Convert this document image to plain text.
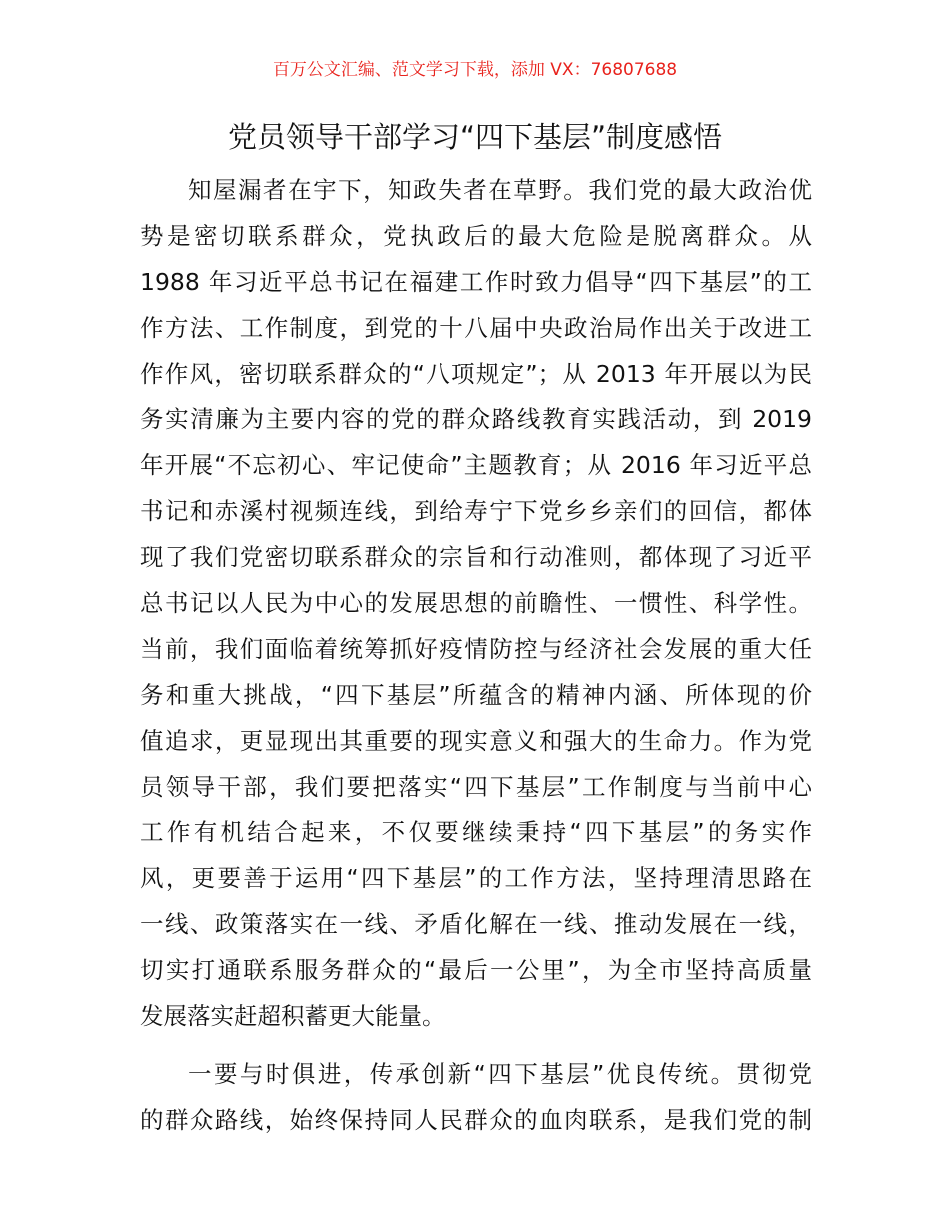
百万公文汇编、范文学习下载，添加 VX：76807688
党员领导干部学习“四下基层”制度感悟
知屋漏者在宇下，知政失者在草野。我们党的最大政治优
势是密切联系群众，党执政后的最大危险是脱离群众。从
1988 年习近平总书记在福建工作时致力倡导“四下基层”的工
作方法、工作制度，到党的十八届中央政治局作出关于改进工
作作风，密切联系群众的“八项规定”；从 2013 年开展以为民
务实清廉为主要内容的党的群众路线教育实践活动，到 2019
年开展“不忘初心、牢记使命”主题教育；从 2016 年习近平总
书记和赤溪村视频连线，到给寿宁下党乡乡亲们的回信，都体
现了我们党密切联系群众的宗旨和行动准则，都体现了习近平
总书记以人民为中心的发展思想的前瞻性、一惯性、科学性。
当前，我们面临着统筹抓好疫情防控与经济社会发展的重大任
务和重大挑战，“四下基层”所蕴含的精神内涵、所体现的价
值追求，更显现出其重要的现实意义和强大的生命力。作为党
员领导干部，我们要把落实“四下基层”工作制度与当前中心
工作有机结合起来，不仅要继续秉持“四下基层”的务实作
风，更要善于运用“四下基层”的工作方法，坚持理清思路在
一线、政策落实在一线、矛盾化解在一线、推动发展在一线，
切实打通联系服务群众的“最后一公里”，为全市坚持高质量
发展落实赶超积蓄更大能量。
一要与时俱进，传承创新“四下基层”优良传统。贯彻党
的群众路线，始终保持同人民群众的血肉联系，是我们党的制
